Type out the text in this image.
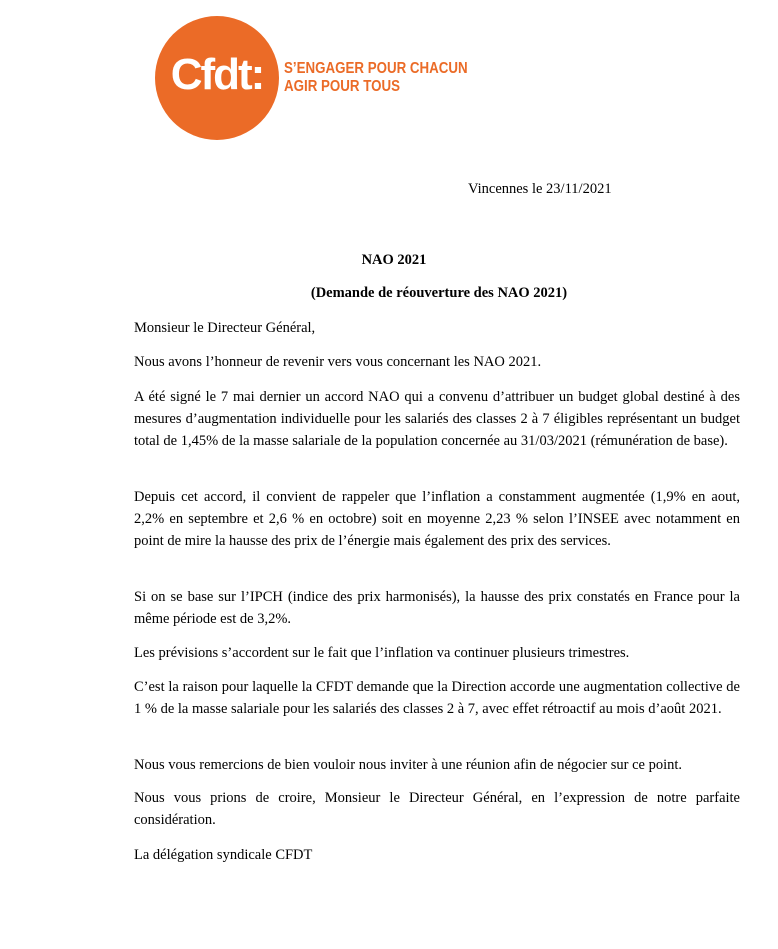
Cfdt:	S’ENGAGER POUR CHACUN
AGIR POUR TOUS
Vincennes le 23/11/2021
NAO 2021
(Demande de réouverture des NAO 2021)

Monsieur le Directeur Général,

Nous avons l’honneur de revenir vers vous concernant les NAO 2021.

A été signé le 7 mai dernier un accord NAO qui a convenu d’attribuer un budget global destiné à des mesures d’augmentation individuelle pour les salariés des classes 2 à 7 éligibles représentant un budget total de 1,45% de la masse salariale de la population concernée au 31/03/2021 (rémunération de base).

Depuis cet accord, il convient de rappeler que l’inflation a constamment augmentée (1,9% en aout, 2,2% en septembre et 2,6 % en octobre) soit en moyenne 2,23 % selon l’INSEE avec notamment en point de mire la hausse des prix de l’énergie mais également des prix des services.

Si on se base sur l’IPCH (indice des prix harmonisés), la hausse des prix constatés en France pour la même période est de 3,2%.

Les prévisions s’accordent sur le fait que l’inflation va continuer plusieurs trimestres.

C’est la raison pour laquelle la CFDT demande que la Direction accorde une augmentation collective de 1 % de la masse salariale pour les salariés des classes 2 à 7, avec effet rétroactif au mois d’août 2021.

Nous vous remercions de bien vouloir nous inviter à une réunion afin de négocier sur ce point.

Nous vous prions de croire, Monsieur le Directeur Général, en l’expression de notre parfaite considération.

La délégation syndicale CFDT
